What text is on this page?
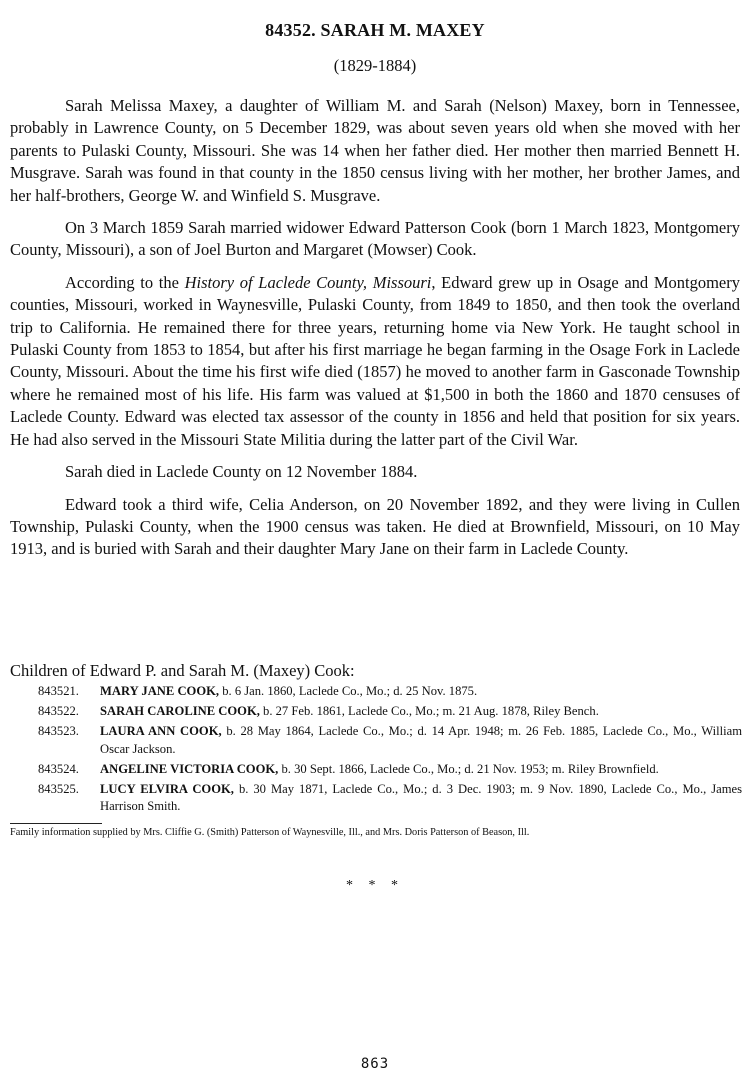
84352. SARAH M. MAXEY
(1829-1884)

Sarah Melissa Maxey, a daughter of William M. and Sarah (Nelson) Maxey, born in Tennessee, probably in Lawrence County, on 5 December 1829, was about seven years old when she moved with her parents to Pulaski County, Missouri. She was 14 when her father died. Her mother then married Bennett H. Musgrave. Sarah was found in that county in the 1850 census living with her mother, her brother James, and her half-brothers, George W. and Winfield S. Musgrave.

On 3 March 1859 Sarah married widower Edward Patterson Cook (born 1 March 1823, Montgomery County, Missouri), a son of Joel Burton and Margaret (Mowser) Cook.

According to the History of Laclede County, Missouri, Edward grew up in Osage and Montgomery counties, Missouri, worked in Waynesville, Pulaski County, from 1849 to 1850, and then took the overland trip to California. He remained there for three years, returning home via New York. He taught school in Pulaski County from 1853 to 1854, but after his first marriage he began farming in the Osage Fork in Laclede County, Missouri. About the time his first wife died (1857) he moved to another farm in Gasconade Township where he remained most of his life. His farm was valued at $1,500 in both the 1860 and 1870 censuses of Laclede County. Edward was elected tax assessor of the county in 1856 and held that position for six years. He had also served in the Missouri State Militia during the latter part of the Civil War.

Sarah died in Laclede County on 12 November 1884.

Edward took a third wife, Celia Anderson, on 20 November 1892, and they were living in Cullen Township, Pulaski County, when the 1900 census was taken. He died at Brownfield, Missouri, on 10 May 1913, and is buried with Sarah and their daughter Mary Jane on their farm in Laclede County.

Children of Edward P. and Sarah M. (Maxey) Cook:
843521.	MARY JANE COOK, b. 6 Jan. 1860, Laclede Co., Mo.; d. 25 Nov. 1875.
843522.	SARAH CAROLINE COOK, b. 27 Feb. 1861, Laclede Co., Mo.; m. 21 Aug. 1878, Riley Bench.
843523.	LAURA ANN COOK, b. 28 May 1864, Laclede Co., Mo.; d. 14 Apr. 1948; m. 26 Feb. 1885, Laclede Co., Mo., William Oscar Jackson.
843524.	ANGELINE VICTORIA COOK, b. 30 Sept. 1866, Laclede Co., Mo.; d. 21 Nov. 1953; m. Riley Brownfield.
843525.	LUCY ELVIRA COOK, b. 30 May 1871, Laclede Co., Mo.; d. 3 Dec. 1903; m. 9 Nov. 1890, Laclede Co., Mo., James Harrison Smith.
Family information supplied by Mrs. Cliffie G. (Smith) Patterson of Waynesville, Ill., and Mrs. Doris Patterson of Beason, Ill.
* * *
863
